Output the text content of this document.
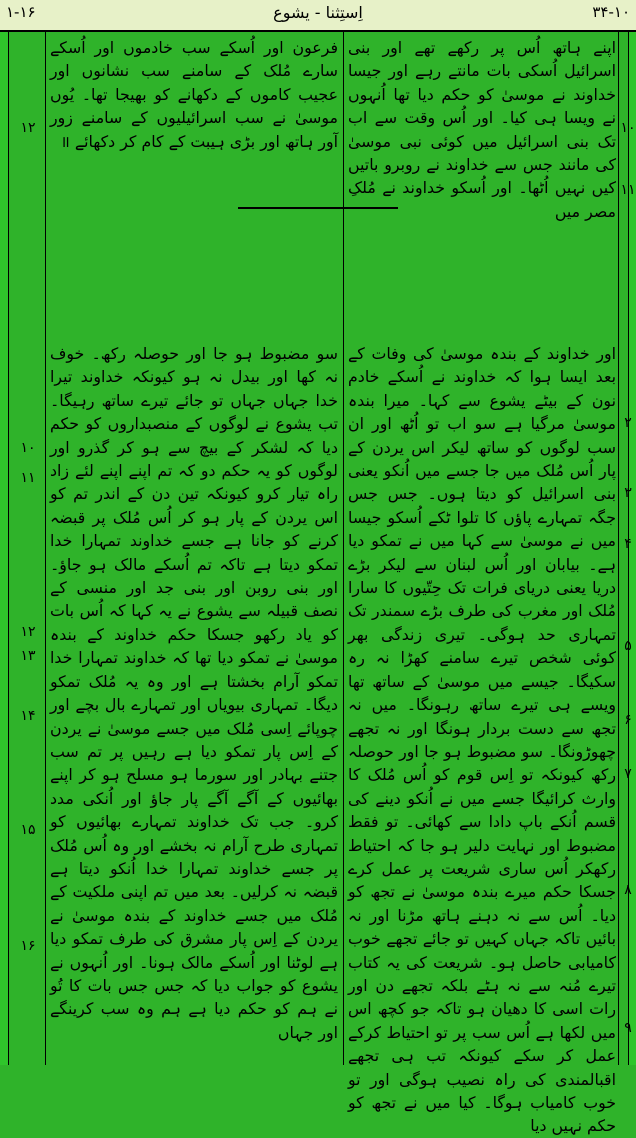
۱-۱۶	اِستِثنا - یشوع	۳۴-۱۰

اپنے ہاتھ اُس پر رکھے تھے اور بنی اسرائیل اُسکی بات مانتے رہے اور جیسا خداوند نے موسیٰ کو حکم دیا تھا اُنہوں نے ویسا ہی کیا۔ اور اُس وقت سے اب تک بنی اسرائیل میں کوئی نبی موسیٰ کی مانند جس سے خداوند نے روبرو باتیں کیں نہیں اُٹھا۔ اور اُسکو خداوند نے مُلکِ مصر میں

فرعون اور اُسکے سب خادموں اور اُسکے سارے مُلک کے سامنے سب نشانوں اور عجیب کاموں کے دکھانے کو بھیجا تھا۔ یُوں موسیٰ نے سب اسرائیلیوں کے سامنے زور آور ہاتھ اور بڑی ہیبت کے کام کر دکھائے ॥

۱۰
۱۱
۱۲

اور خداوند کے بندہ موسیٰ کی وفات کے بعد ایسا ہوا کہ خداوند نے اُسکے خادم نون کے بیٹے یشوع سے کہا۔ میرا بندہ موسیٰ مرگیا ہے سو اب تو اُٹھ اور ان سب لوگوں کو ساتھ لیکر اس یردن کے پار اُس مُلک میں جا جسے میں اُنکو یعنی بنی اسرائیل کو دیتا ہوں۔ جس جس جگہ تمہارے پاؤں کا تلوا ٹکے اُسکو جیسا میں نے موسیٰ سے کہا میں نے تمکو دیا ہے۔ بیابان اور اُس لبنان سے لیکر بڑے دریا یعنی دریای فرات تک حِتّیوں کا سارا مُلک اور مغرب کی طرف بڑے سمندر تک تمہاری حد ہوگی۔ تیری زندگی بھر کوئی شخص تیرے سامنے کھڑا نہ رہ سکیگا۔ جیسے میں موسیٰ کے ساتھ تھا ویسے ہی تیرے ساتھ رہونگا۔ میں نہ تجھ سے دست بردار ہونگا اور نہ تجھے چھوڑونگا۔ سو مضبوط ہو جا اور حوصلہ رکھ کیونکہ تو اِس قوم کو اُس مُلک کا وارث کرائیگا جسے میں نے اُنکو دینے کی قسم اُنکے باپ دادا سے کھائی۔ تو فقط مضبوط اور نہایت دلیر ہو جا کہ احتیاط رکھکر اُس ساری شریعت پر عمل کرے جسکا حکم میرے بندہ موسیٰ نے تجھ کو دیا۔ اُس سے نہ دہنے ہاتھ مڑنا اور نہ بائیں تاکہ جہاں کہیں تو جائے تجھے خوب کامیابی حاصل ہو۔ شریعت کی یہ کتاب تیرے مُنہ سے نہ ہٹے بلکہ تجھے دن اور رات اسی کا دھیان ہو تاکہ جو کچھ اس میں لکھا ہے اُس سب پر تو احتیاط کرکے عمل کر سکے کیونکہ تب ہی تجھے اقبالمندی کی راہ نصیب ہوگی اور تو خوب کامیاب ہوگا۔ کیا میں نے تجھ کو حکم نہیں دیا

سو مضبوط ہو جا اور حوصلہ رکھ۔ خوف نہ کھا اور بیدل نہ ہو کیونکہ خداوند تیرا خدا جہاں جہاں تو جائے تیرے ساتھ رہیگا۔ تب یشوع نے لوگوں کے منصبداروں کو حکم دیا کہ لشکر کے بیچ سے ہو کر گذرو اور لوگوں کو یہ حکم دو کہ تم اپنے اپنے لئے زاد راہ تیار کرو کیونکہ تین دن کے اندر تم کو اس یردن کے پار ہو کر اُس مُلک پر قبضہ کرنے کو جانا ہے جسے خداوند تمہارا خدا تمکو دیتا ہے تاکہ تم اُسکے مالک ہو جاؤ۔ اور بنی روبن اور بنی جد اور منسی کے نصف قبیلہ سے یشوع نے یہ کہا کہ اُس بات کو یاد رکھو جسکا حکم خداوند کے بندہ موسیٰ نے تمکو دیا تھا کہ خداوند تمہارا خدا تمکو آرام بخشتا ہے اور وہ یہ مُلک تمکو دیگا۔ تمہاری بیویاں اور تمہارے بال بچے اور چوپائے اِسی مُلک میں جسے موسیٰ نے یردن کے اِس پار تمکو دیا ہے رہیں پر تم سب جتنے بہادر اور سورما ہو مسلح ہو کر اپنے بھائیوں کے آگے آگے پار جاؤ اور اُنکی مدد کرو۔ جب تک خداوند تمہارے بھائیوں کو تمہاری طرح آرام نہ بخشے اور وہ اُس مُلک پر جسے خداوند تمہارا خدا اُنکو دیتا ہے قبضہ نہ کرلیں۔ بعد میں تم اپنی ملکیت کے مُلک میں جسے خداوند کے بندہ موسیٰ نے یردن کے اِس پار مشرق کی طرف تمکو دیا ہے لوٹنا اور اُسکے مالک ہونا۔ اور اُنہوں نے یشوع کو جواب دیا کہ جس جس بات کا تُو نے ہم کو حکم دیا ہے ہم وہ سب کرینگے اور جہاں

۲
۳
۴
۵
۶
۷
۸
۹
۱۰
۱۱
۱۲
۱۳
۱۴
۱۵
۱۶
